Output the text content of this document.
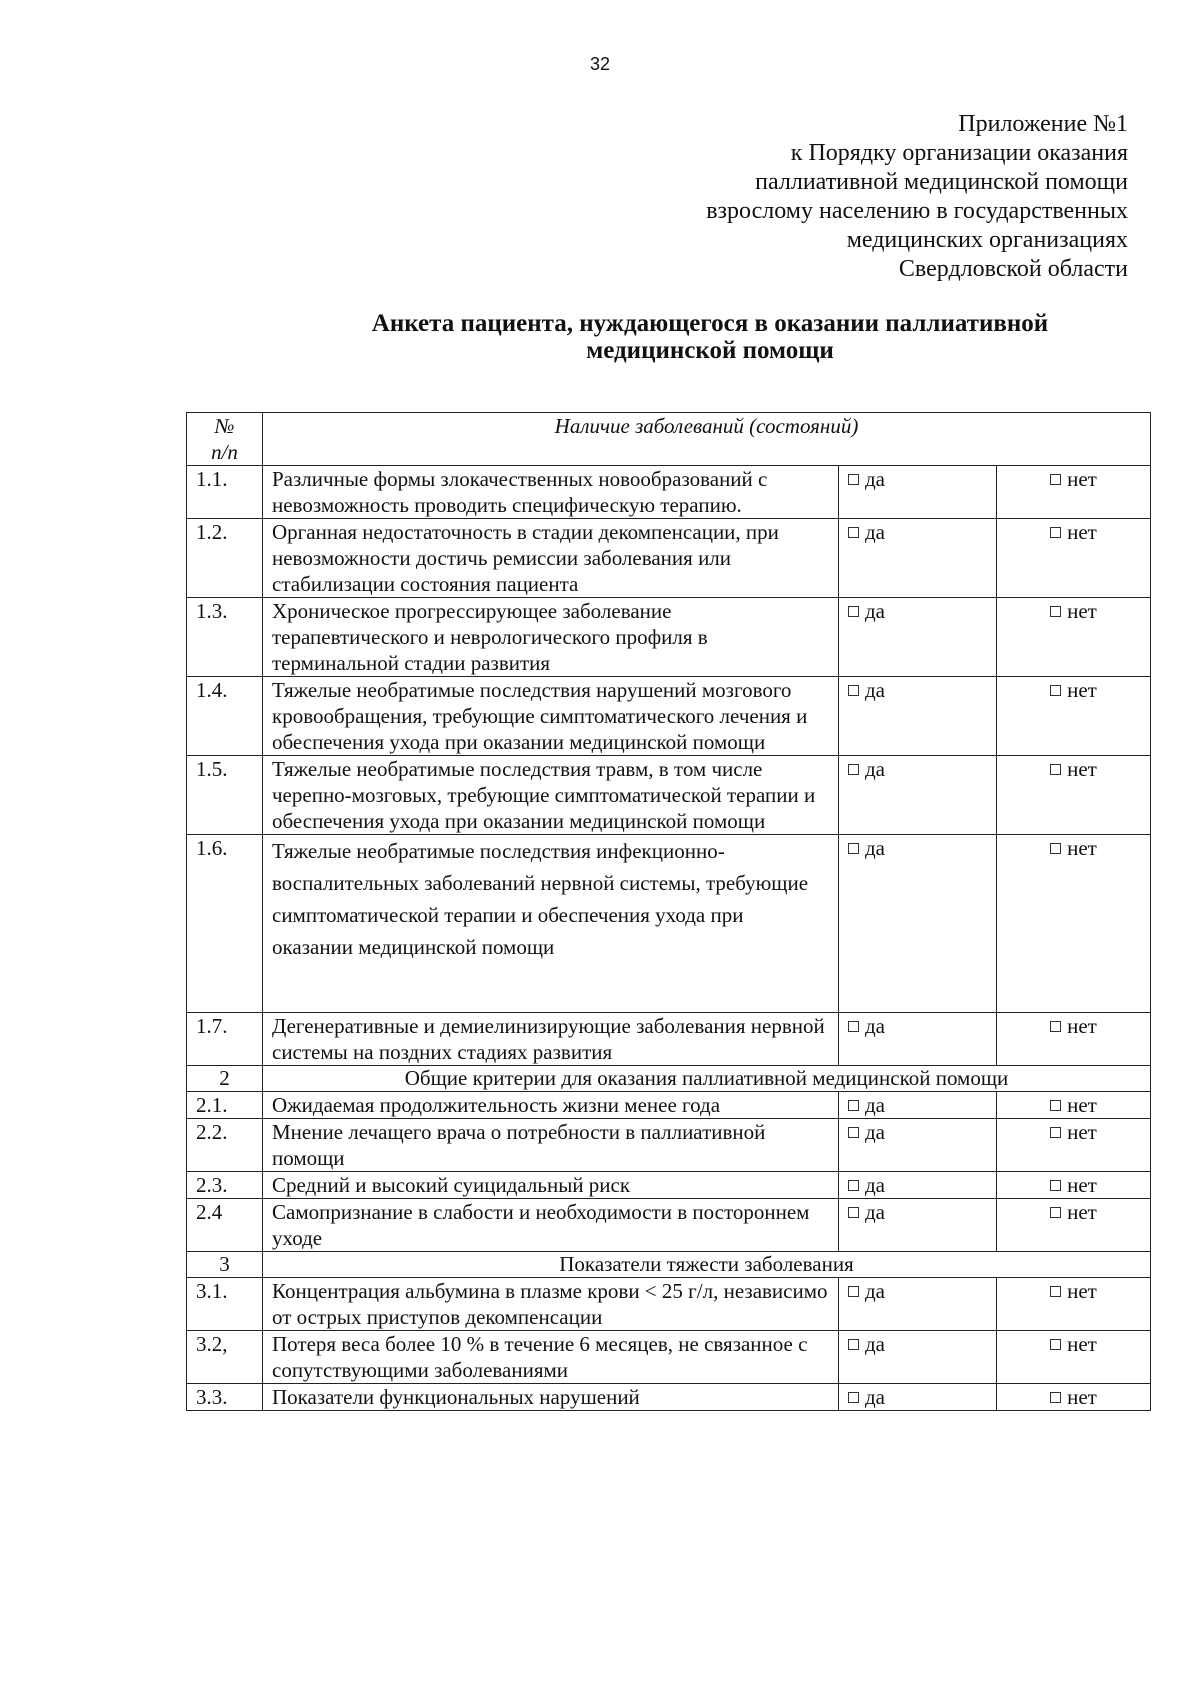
32
Приложение №1
к Порядку организации оказания
паллиативной медицинской помощи
взрослому населению в государственных
медицинских организациях
Свердловской области
Анкета пациента, нуждающегося в оказании паллиативной
медицинской помощи
№
п/п	Наличие заболеваний (состояний)		
1.1.	Различные формы злокачественных новообразований с невозможность проводить специфическую терапию.	да	нет
1.2.	Органная недостаточность в стадии декомпенсации, при невозможности достичь ремиссии заболевания или стабилизации состояния пациента	да	нет
1.3.	Хроническое прогрессирующее заболевание терапевтического и неврологического профиля в терминальной стадии развития	да	нет
1.4.	Тяжелые необратимые последствия нарушений мозгового кровообращения, требующие симптоматического лечения и обеспечения ухода при оказании медицинской помощи	да	нет
1.5.	Тяжелые необратимые последствия травм, в том числе черепно-мозговых, требующие симптоматической терапии и обеспечения ухода при оказании медицинской помощи	да	нет
1.6.	Тяжелые необратимые последствия инфекционно-воспалительных заболеваний нервной системы, требующие симптоматической терапии и обеспечения ухода при оказании медицинской помощи	да	нет
1.7.	Дегенеративные и демиелинизирующие заболевания нервной системы на поздних стадиях развития	да	нет
2	Общие критерии для оказания паллиативной медицинской помощи		
2.1.	Ожидаемая продолжительность жизни менее года	да	нет
2.2.	Мнение лечащего врача о потребности в паллиативной помощи	да	нет
2.3.	Средний и высокий суицидальный риск	да	нет
2.4	Самопризнание в слабости и необходимости в постороннем уходе	да	нет
3	Показатели тяжести заболевания		
3.1.	Концентрация альбумина в плазме крови < 25 г/л, независимо от острых приступов декомпенсации	да	нет
3.2,	Потеря веса более 10 % в течение 6 месяцев, не связанное с сопутствующими заболеваниями	да	нет
3.3.	Показатели функциональных нарушений	да	нет
